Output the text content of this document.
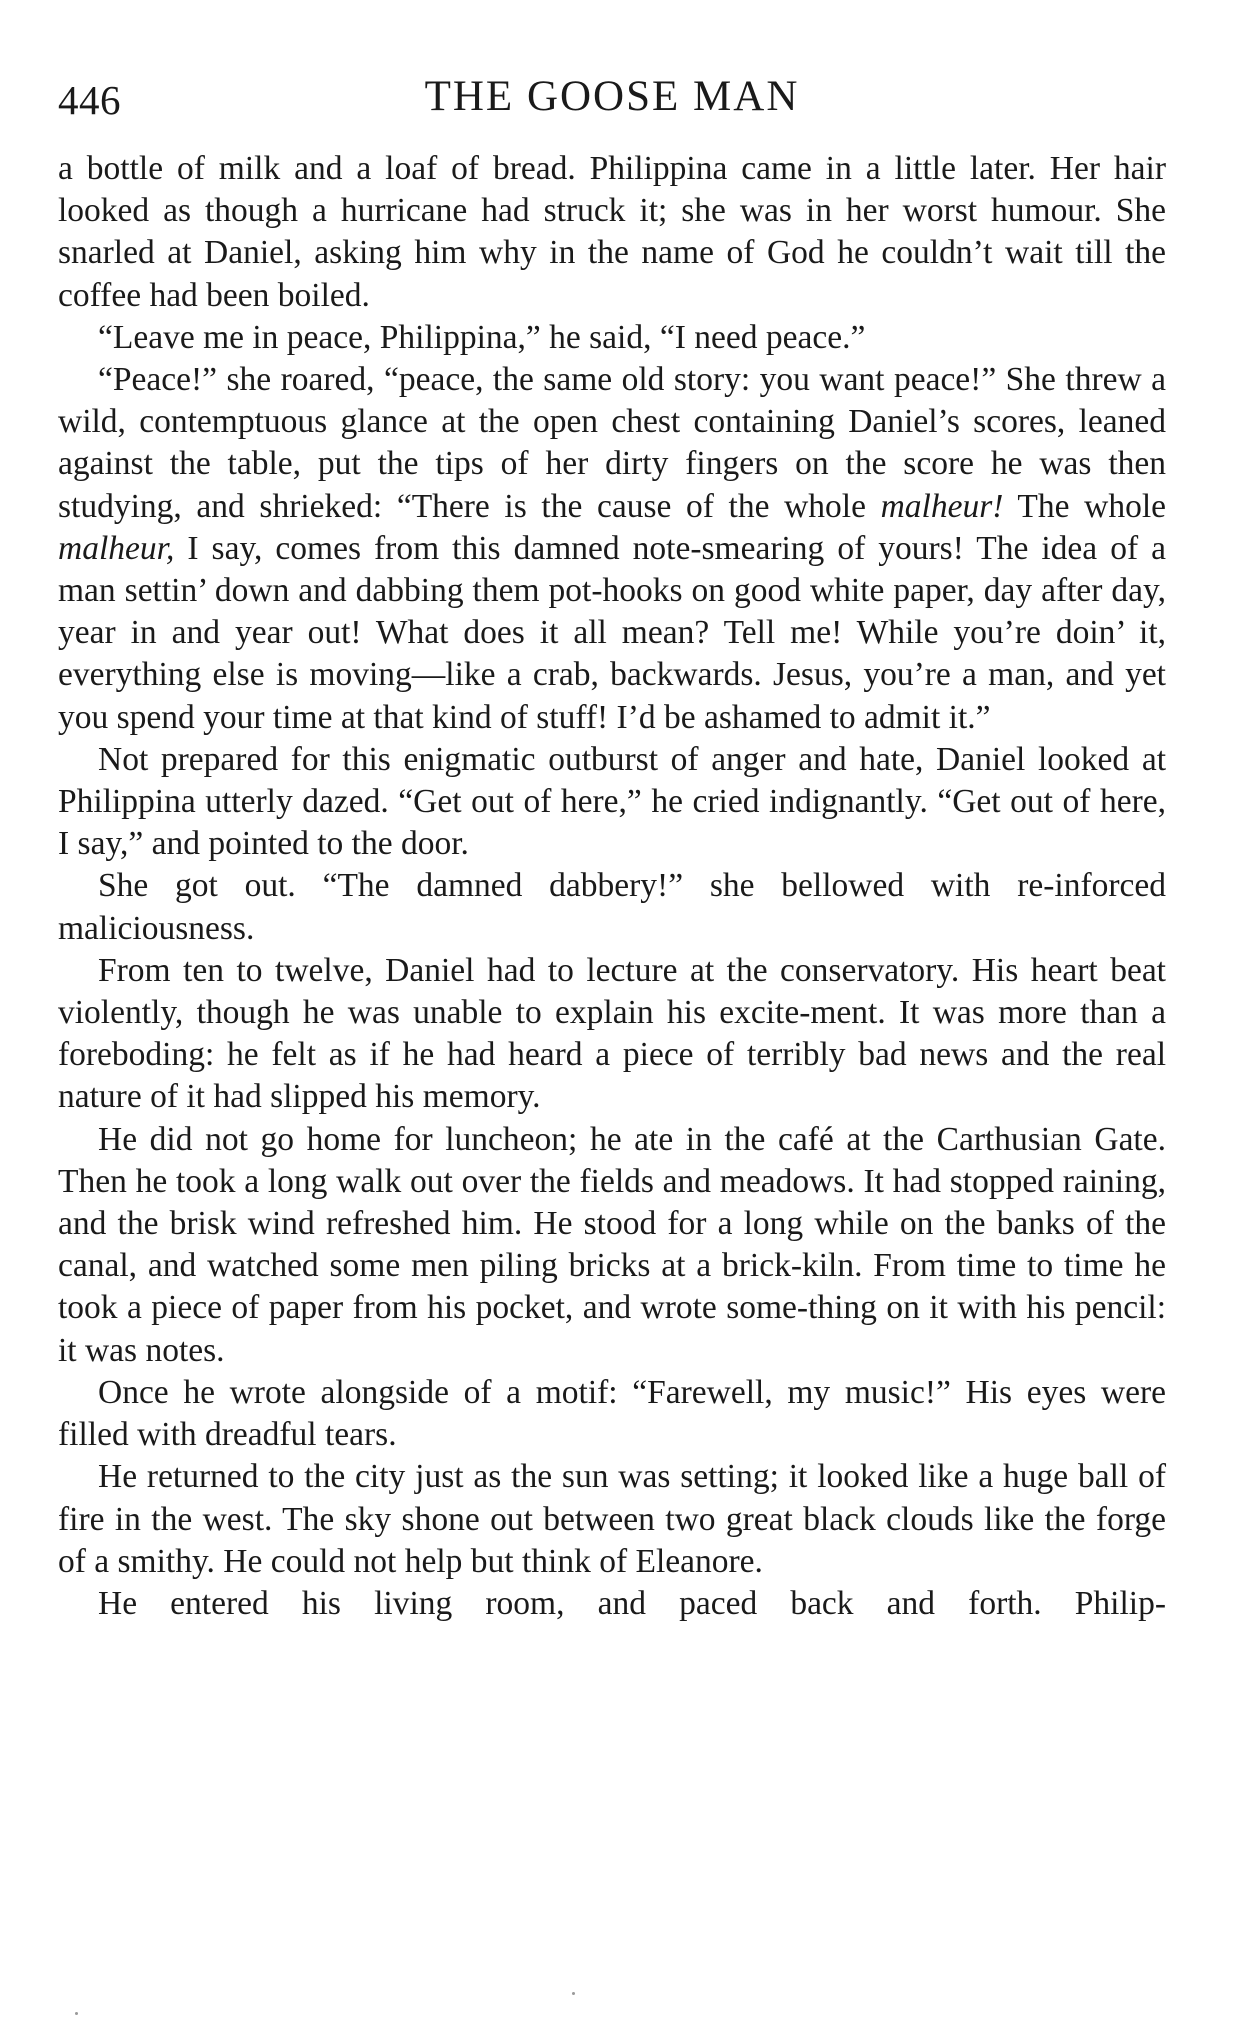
446	THE GOOSE MAN

a bottle of milk and a loaf of bread. Philippina came in a little later. Her hair looked as though a hurricane had struck it; she was in her worst humour. She snarled at Daniel, asking him why in the name of God he couldn’t wait till the coffee had been boiled.

“Leave me in peace, Philippina,” he said, “I need peace.”

“Peace!” she roared, “peace, the same old story: you want peace!” She threw a wild, contemptuous glance at the open chest containing Daniel’s scores, leaned against the table, put the tips of her dirty fingers on the score he was then studying, and shrieked: “There is the cause of the whole malheur! The whole malheur, I say, comes from this damned note-smearing of yours! The idea of a man settin’ down and dabbing them pot-hooks on good white paper, day after day, year in and year out! What does it all mean? Tell me! While you’re doin’ it, everything else is moving—like a crab, backwards. Jesus, you’re a man, and yet you spend your time at that kind of stuff! I’d be ashamed to admit it.”

Not prepared for this enigmatic outburst of anger and hate, Daniel looked at Philippina utterly dazed. “Get out of here,” he cried indignantly. “Get out of here, I say,” and pointed to the door.

She got out. “The damned dabbery!” she bellowed with re-inforced maliciousness.

From ten to twelve, Daniel had to lecture at the conservatory. His heart beat violently, though he was unable to explain his excite-ment. It was more than a foreboding: he felt as if he had heard a piece of terribly bad news and the real nature of it had slipped his memory.

He did not go home for luncheon; he ate in the café at the Carthusian Gate. Then he took a long walk out over the fields and meadows. It had stopped raining, and the brisk wind refreshed him. He stood for a long while on the banks of the canal, and watched some men piling bricks at a brick-kiln. From time to time he took a piece of paper from his pocket, and wrote some-thing on it with his pencil: it was notes.

Once he wrote alongside of a motif: “Farewell, my music!” His eyes were filled with dreadful tears.

He returned to the city just as the sun was setting; it looked like a huge ball of fire in the west. The sky shone out between two great black clouds like the forge of a smithy. He could not help but think of Eleanore.

He entered his living room, and paced back and forth. Philip-
